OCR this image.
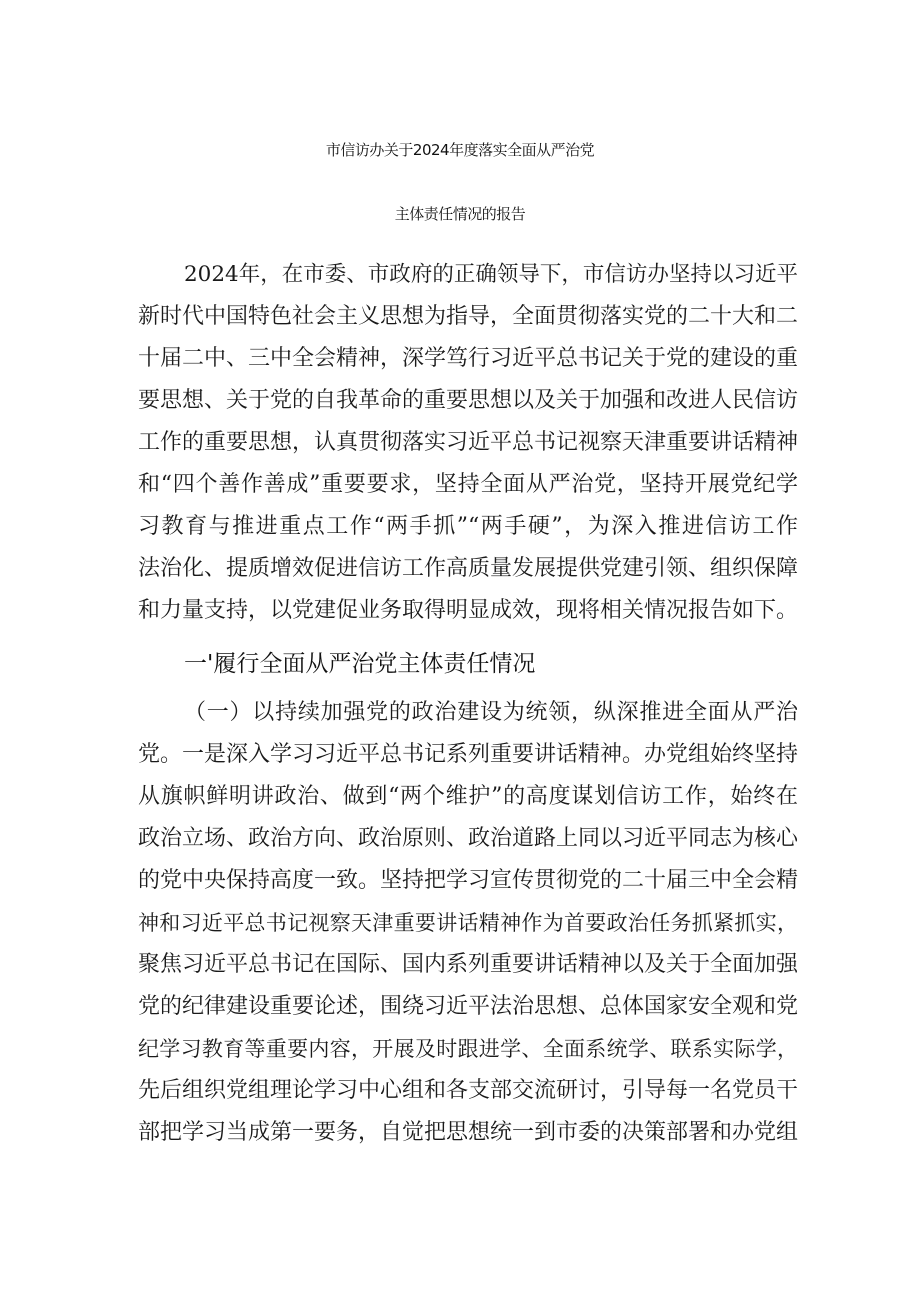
市信访办关于2024年度落实全面从严治党
主体责任情况的报告
2024年，在市委、市政府的正确领导下，市信访办坚持以习近平
新时代中国特色社会主义思想为指导，全面贯彻落实党的二十大和二
十届二中、三中全会精神，深学笃行习近平总书记关于党的建设的重
要思想、关于党的自我革命的重要思想以及关于加强和改进人民信访
工作的重要思想，认真贯彻落实习近平总书记视察天津重要讲话精神
和“四个善作善成”重要要求，坚持全面从严治党，坚持开展党纪学
习教育与推进重点工作“两手抓”“两手硬”，为深入推进信访工作
法治化、提质增效促进信访工作高质量发展提供党建引领、组织保障
和力量支持，以党建促业务取得明显成效，现将相关情况报告如下。
一'履行全面从严治党主体责任情况
（一）以持续加强党的政治建设为统领，纵深推进全面从严治
党。一是深入学习习近平总书记系列重要讲话精神。办党组始终坚持
从旗帜鲜明讲政治、做到“两个维护”的高度谋划信访工作，始终在
政治立场、政治方向、政治原则、政治道路上同以习近平同志为核心
的党中央保持高度一致。坚持把学习宣传贯彻党的二十届三中全会精
神和习近平总书记视察天津重要讲话精神作为首要政治任务抓紧抓实，
聚焦习近平总书记在国际、国内系列重要讲话精神以及关于全面加强
党的纪律建设重要论述，围绕习近平法治思想、总体国家安全观和党
纪学习教育等重要内容，开展及时跟进学、全面系统学、联系实际学，
先后组织党组理论学习中心组和各支部交流研讨，引导每一名党员干
部把学习当成第一要务，自觉把思想统一到市委的决策部署和办党组
